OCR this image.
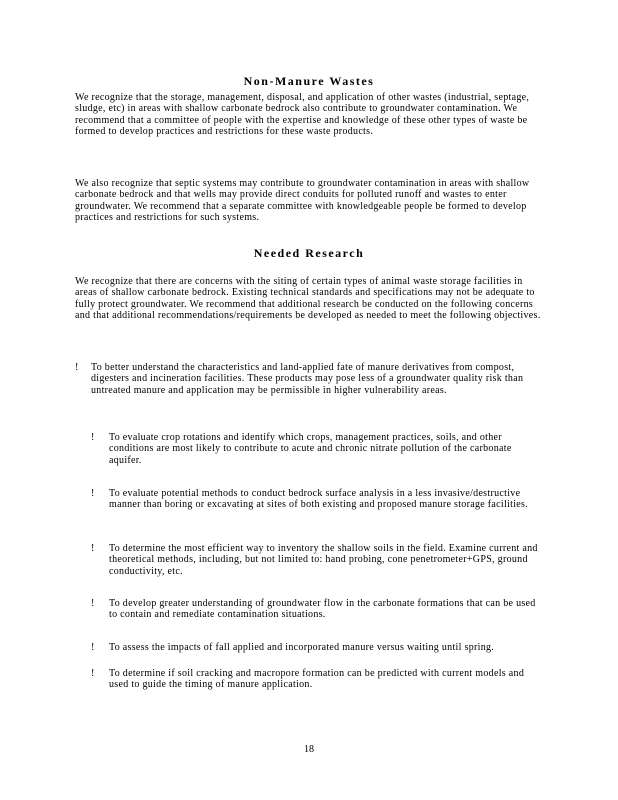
Non-Manure Wastes

We recognize that the storage, management, disposal, and application of other wastes (industrial, septage, sludge, etc) in areas with shallow carbonate bedrock also contribute to groundwater contamination. We recommend that a committee of people with the expertise and knowledge of these other types of waste be formed to develop practices and restrictions for these waste products.

We also recognize that septic systems may contribute to groundwater contamination in areas with shallow carbonate bedrock and that wells may provide direct conduits for polluted runoff and wastes to enter groundwater. We recommend that a separate committee with knowledgeable people be formed to develop practices and restrictions for such systems.

Needed Research

We recognize that there are concerns with the siting of certain types of animal waste storage facilities in areas of shallow carbonate bedrock. Existing technical standards and specifications may not be adequate to fully protect groundwater. We recommend that additional research be conducted on the following concerns and that additional recommendations/requirements be developed as needed to meet the following objectives.

! To better understand the characteristics and land-applied fate of manure derivatives from compost, digesters and incineration facilities. These products may pose less of a groundwater quality risk than untreated manure and application may be permissible in higher vulnerability areas.

! To evaluate crop rotations and identify which crops, management practices, soils, and other conditions are most likely to contribute to acute and chronic nitrate pollution of the carbonate aquifer.

! To evaluate potential methods to conduct bedrock surface analysis in a less invasive/destructive manner than boring or excavating at sites of both existing and proposed manure storage facilities.

! To determine the most efficient way to inventory the shallow soils in the field. Examine current and theoretical methods, including, but not limited to: hand probing, cone penetrometer+GPS, ground conductivity, etc.

! To develop greater understanding of groundwater flow in the carbonate formations that can be used to contain and remediate contamination situations.

! To assess the impacts of fall applied and incorporated manure versus waiting until spring.

! To determine if soil cracking and macropore formation can be predicted with current models and used to guide the timing of manure application.

18
